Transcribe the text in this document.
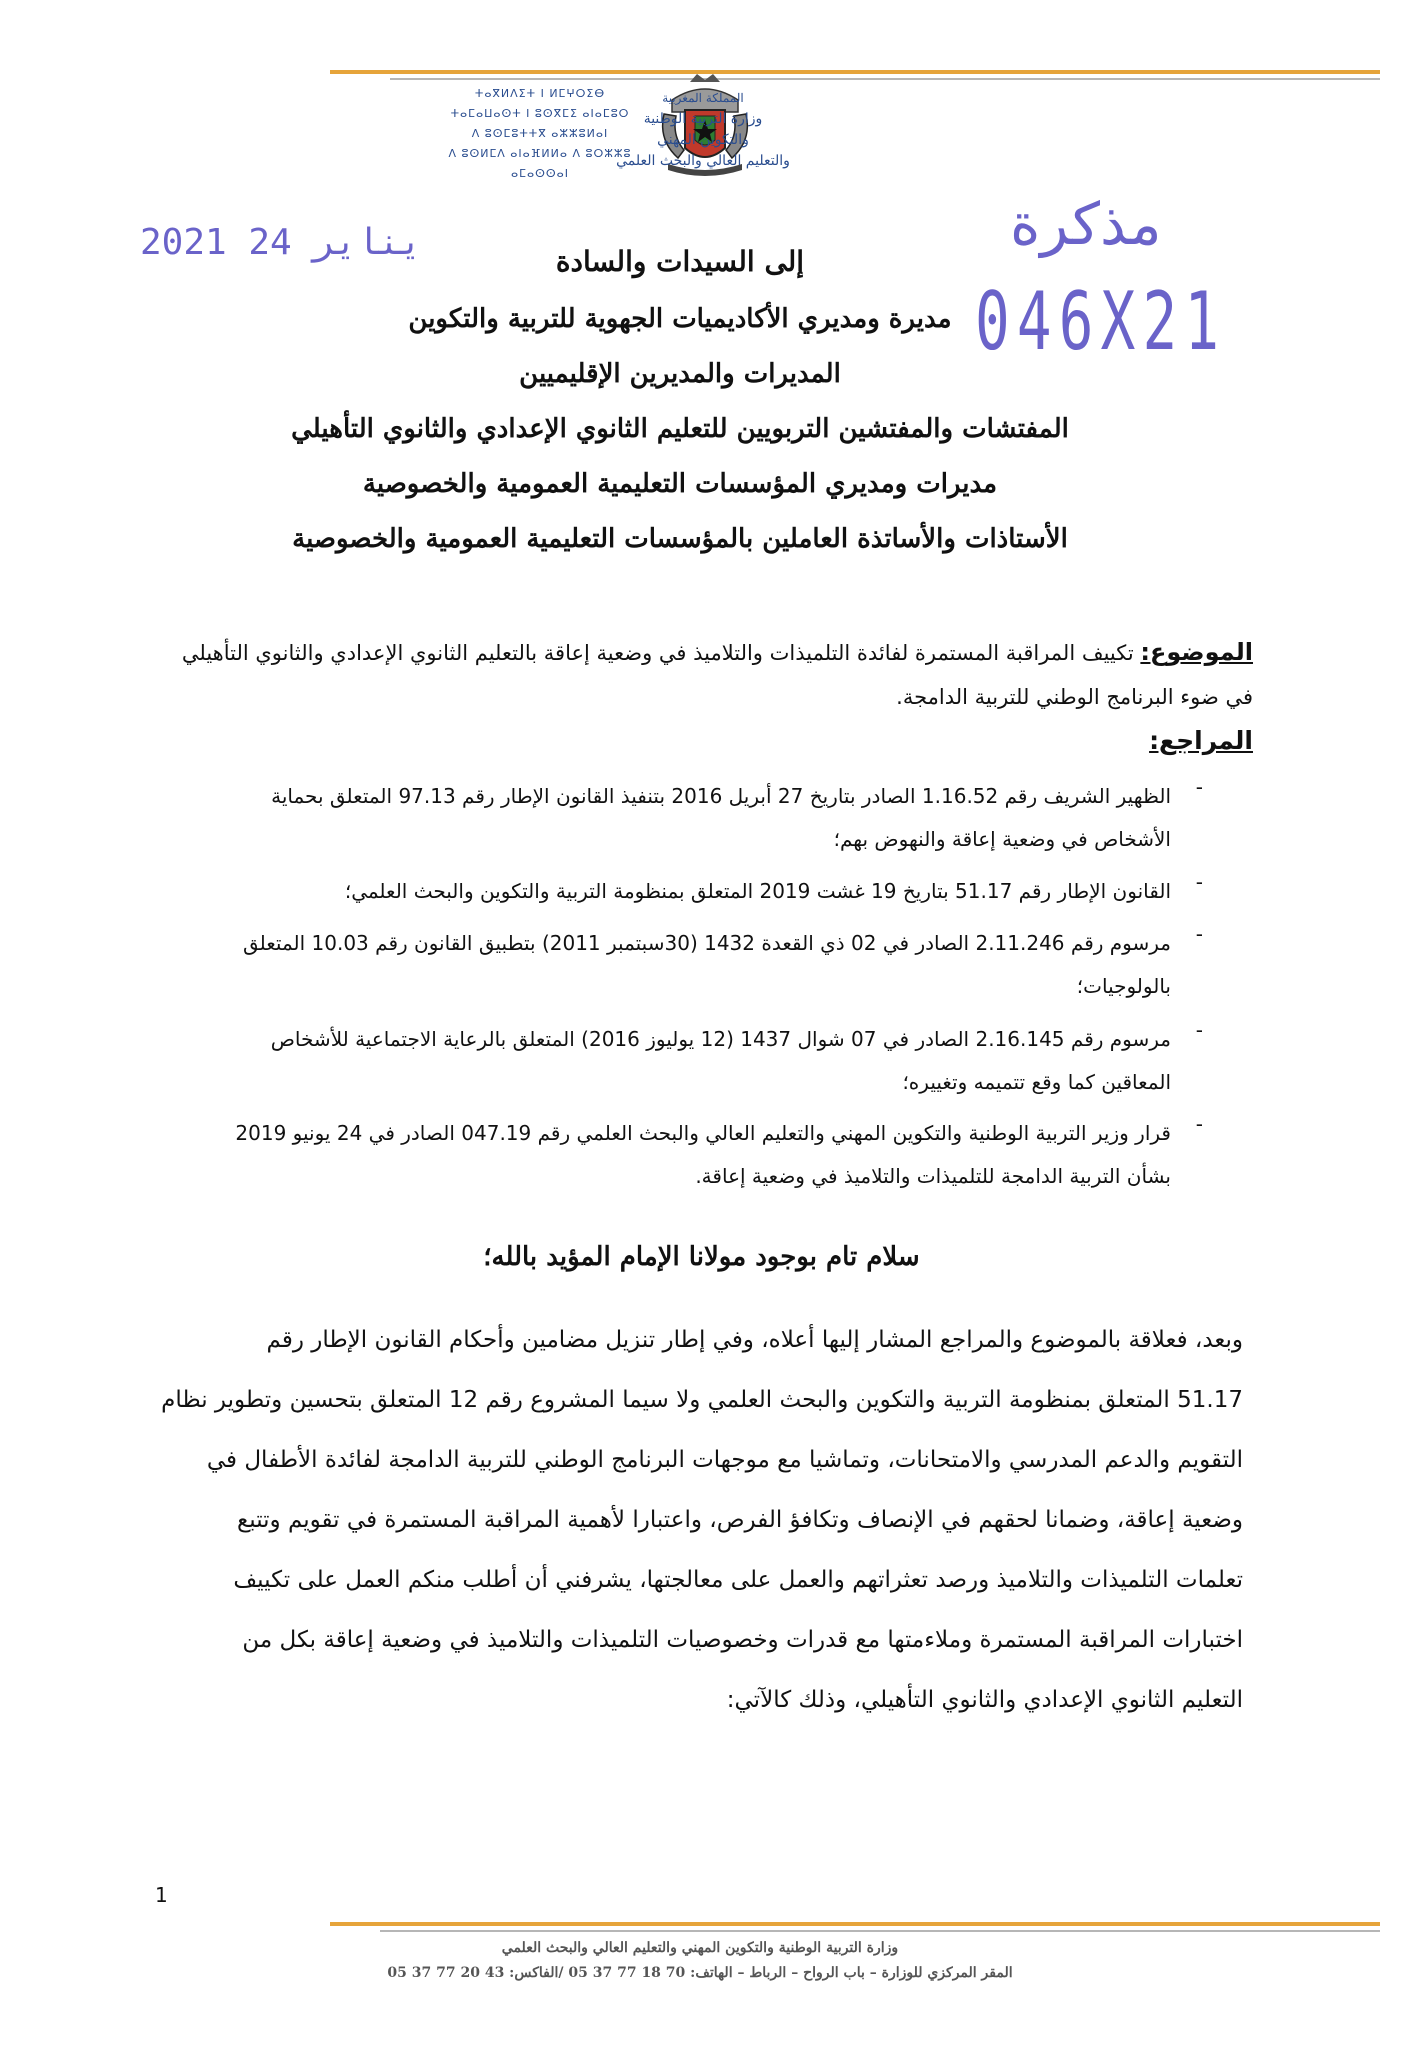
ⵜⴰⴳⵍⴷⵉⵜ ⵏ ⵍⵎⵖⵔⵉⴱ
ⵜⴰⵎⴰⵡⴰⵙⵜ ⵏ ⵓⵙⴳⵎⵉ ⴰⵏⴰⵎⵓⵔ
ⴷ ⵓⵙⵎⵓⵜⵜⴳ ⴰⵣⵣⵓⵍⴰⵏ
ⴷ ⵓⵙⵍⵎⴷ ⴰⵏⴰⴼⵍⵍⴰ ⴷ ⵓⵔⵣⵣⵓ ⴰⵎⴰⵙⵙⴰⵏ
المملكة المغربية
وزارة التربية الوطنية
والتكوين المهني
والتعليم العالي والبحث العلمي
2021 يناير 24	مذكرة
046X21
إلى السيدات والسادة
مديرة ومديري الأكاديميات الجهوية للتربية والتكوين
المديرات والمديرين الإقليميين
المفتشات والمفتشين التربويين للتعليم الثانوي الإعدادي والثانوي التأهيلي
مديرات ومديري المؤسسات التعليمية العمومية والخصوصية
الأستاذات والأساتذة العاملين بالمؤسسات التعليمية العمومية والخصوصية
الموضوع: تكييف المراقبة المستمرة لفائدة التلميذات والتلاميذ في وضعية إعاقة بالتعليم الثانوي الإعدادي والثانوي التأهيلي
في ضوء البرنامج الوطني للتربية الدامجة.
المراجع:
-
الظهير الشريف رقم 1.16.52 الصادر بتاريخ 27 أبريل 2016 بتنفيذ القانون الإطار رقم 97.13 المتعلق بحماية
الأشخاص في وضعية إعاقة والنهوض بهم؛
-
القانون الإطار رقم 51.17 بتاريخ 19 غشت 2019 المتعلق بمنظومة التربية والتكوين والبحث العلمي؛
-
مرسوم رقم 2.11.246 الصادر في 02 ذي القعدة 1432 (30سبتمبر 2011) بتطبيق القانون رقم 10.03 المتعلق
بالولوجيات؛
-
مرسوم رقم 2.16.145 الصادر في 07 شوال 1437 (12 يوليوز 2016) المتعلق بالرعاية الاجتماعية للأشخاص
المعاقين كما وقع تتميمه وتغييره؛
-
قرار وزير التربية الوطنية والتكوين المهني والتعليم العالي والبحث العلمي رقم 047.19 الصادر في 24 يونيو 2019
بشأن التربية الدامجة للتلميذات والتلاميذ في وضعية إعاقة.
سلام تام بوجود مولانا الإمام المؤيد بالله؛
وبعد، فعلاقة بالموضوع والمراجع المشار إليها أعلاه، وفي إطار تنزيل مضامين وأحكام القانون الإطار رقم
51.17 المتعلق بمنظومة التربية والتكوين والبحث العلمي ولا سيما المشروع رقم 12 المتعلق بتحسين وتطوير نظام
التقويم والدعم المدرسي والامتحانات، وتماشيا مع موجهات البرنامج الوطني للتربية الدامجة لفائدة الأطفال في
وضعية إعاقة، وضمانا لحقهم في الإنصاف وتكافؤ الفرص، واعتبارا لأهمية المراقبة المستمرة في تقويم وتتبع
تعلمات التلميذات والتلاميذ ورصد تعثراتهم والعمل على معالجتها، يشرفني أن أطلب منكم العمل على تكييف
اختبارات المراقبة المستمرة وملاءمتها مع قدرات وخصوصيات التلميذات والتلاميذ في وضعية إعاقة بكل من
التعليم الثانوي الإعدادي والثانوي التأهيلي، وذلك كالآتي:
1
وزارة التربية الوطنية والتكوين المهني والتعليم العالي والبحث العلمي
المقر المركزي للوزارة – باب الرواح – الرباط – الهاتف: 70 18 77 37 05 /الفاكس: 43 20 77 37 05
